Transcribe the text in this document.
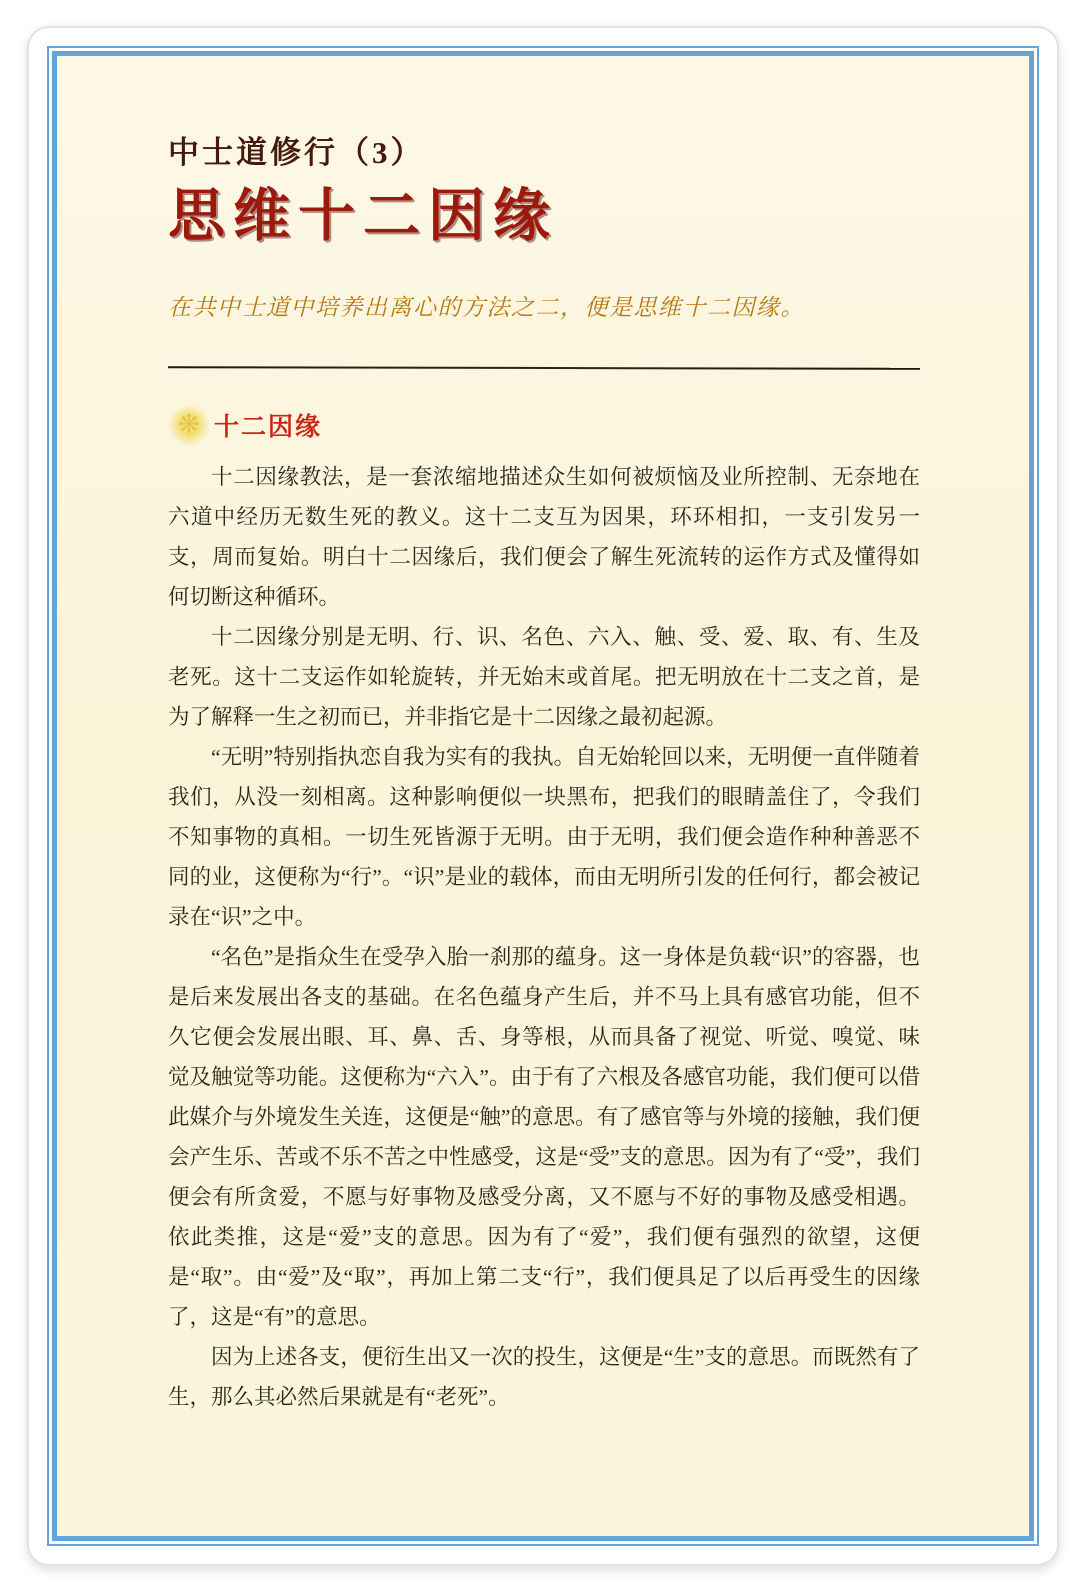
中士道修行（3）
思维十二因缘

在共中士道中培养出离心的方法之二，便是思维十二因缘。

❋ 十二因缘

十二因缘教法，是一套浓缩地描述众生如何被烦恼及业所控制、无奈地在六道中经历无数生死的教义。这十二支互为因果，环环相扣，一支引发另一支，周而复始。明白十二因缘后，我们便会了解生死流转的运作方式及懂得如何切断这种循环。

十二因缘分别是无明、行、识、名色、六入、触、受、爱、取、有、生及老死。这十二支运作如轮旋转，并无始末或首尾。把无明放在十二支之首，是为了解释一生之初而已，并非指它是十二因缘之最初起源。

“无明”特别指执恋自我为实有的我执。自无始轮回以来，无明便一直伴随着我们，从没一刻相离。这种影响便似一块黑布，把我们的眼睛盖住了，令我们不知事物的真相。一切生死皆源于无明。由于无明，我们便会造作种种善恶不同的业，这便称为“行”。“识”是业的载体，而由无明所引发的任何行，都会被记录在“识”之中。

“名色”是指众生在受孕入胎一刹那的蕴身。这一身体是负载“识”的容器，也是后来发展出各支的基础。在名色蕴身产生后，并不马上具有感官功能，但不久它便会发展出眼、耳、鼻、舌、身等根，从而具备了视觉、听觉、嗅觉、味觉及触觉等功能。这便称为“六入”。由于有了六根及各感官功能，我们便可以借此媒介与外境发生关连，这便是“触”的意思。有了感官等与外境的接触，我们便会产生乐、苦或不乐不苦之中性感受，这是“受”支的意思。因为有了“受”，我们便会有所贪爱，不愿与好事物及感受分离，又不愿与不好的事物及感受相遇。依此类推，这是“爱”支的意思。因为有了“爱”，我们便有强烈的欲望，这便是“取”。由“爱”及“取”，再加上第二支“行”，我们便具足了以后再受生的因缘了，这是“有”的意思。

因为上述各支，便衍生出又一次的投生，这便是“生”支的意思。而既然有了生，那么其必然后果就是有“老死”。
